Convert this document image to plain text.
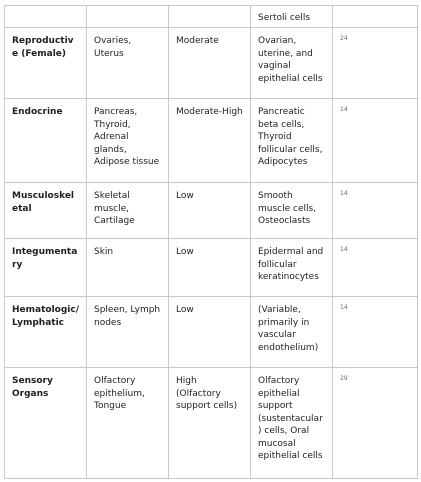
			Sertoli cells	
Reproductive (Female)	Ovaries, Uterus	Moderate	Ovarian, uterine, and vaginal epithelial cells	24
Endocrine	Pancreas, Thyroid, Adrenal glands, Adipose tissue	Moderate-High	Pancreatic beta cells, Thyroid follicular cells, Adipocytes	14
Musculoskeletal	Skeletal muscle, Cartilage	Low	Smooth muscle cells, Osteoclasts	14
Integumentary	Skin	Low	Epidermal and follicular keratinocytes	14
Hematologic/ Lymphatic	Spleen, Lymph nodes	Low	(Variable, primarily in vascular endothelium)	14
Sensory Organs	Olfactory epithelium, Tongue	High (Olfactory support cells)	Olfactory epithelial support (sustentacular) cells, Oral mucosal epithelial cells	29
